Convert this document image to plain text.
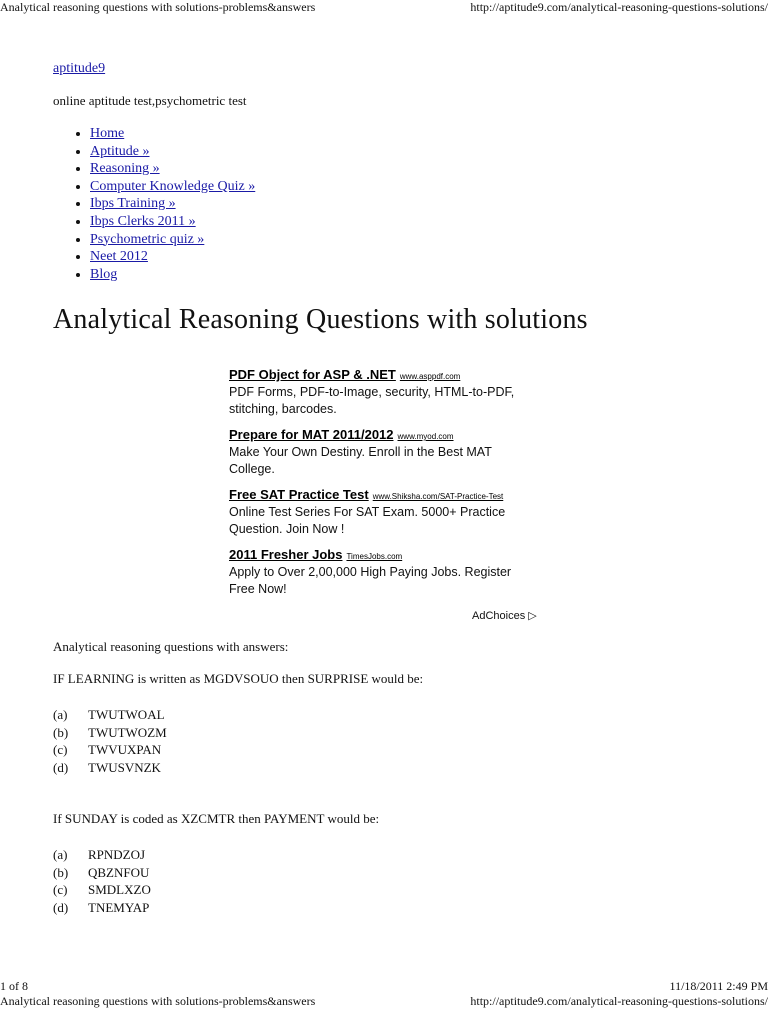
Analytical reasoning questions with solutions-problems&answers	http://aptitude9.com/analytical-reasoning-questions-solutions/
aptitude9
online aptitude test,psychometric test
• Home
• Aptitude »
• Reasoning »
• Computer Knowledge Quiz »
• Ibps Training »
• Ibps Clerks 2011 »
• Psychometric quiz »
• Neet 2012
• Blog
Analytical Reasoning Questions with solutions
PDF Object for ASP & .NET www.asppdf.com
PDF Forms, PDF-to-Image, security, HTML-to-PDF, stitching, barcodes.
Prepare for MAT 2011/2012 www.myod.com
Make Your Own Destiny. Enroll in the Best MAT College.
Free SAT Practice Test www.Shiksha.com/SAT-Practice-Test
Online Test Series For SAT Exam. 5000+ Practice Question. Join Now !
2011 Fresher Jobs TimesJobs.com
Apply to Over 2,00,000 High Paying Jobs. Register Free Now!
AdChoices ▷
Analytical reasoning questions with answers:
IF LEARNING is written as MGDVSOUO then SURPRISE would be:
(a) TWUTWOAL
(b) TWUTWOZM
(c) TWVUXPAN
(d) TWUSVNZK
If SUNDAY is coded as XZCMTR then PAYMENT would be:
(a) RPNDZOJ
(b) QBZNFOU
(c) SMDLXZO
(d) TNEMYAP
1 of 8	11/18/2011 2:49 PM
Analytical reasoning questions with solutions-problems&answers	http://aptitude9.com/analytical-reasoning-questions-solutions/
